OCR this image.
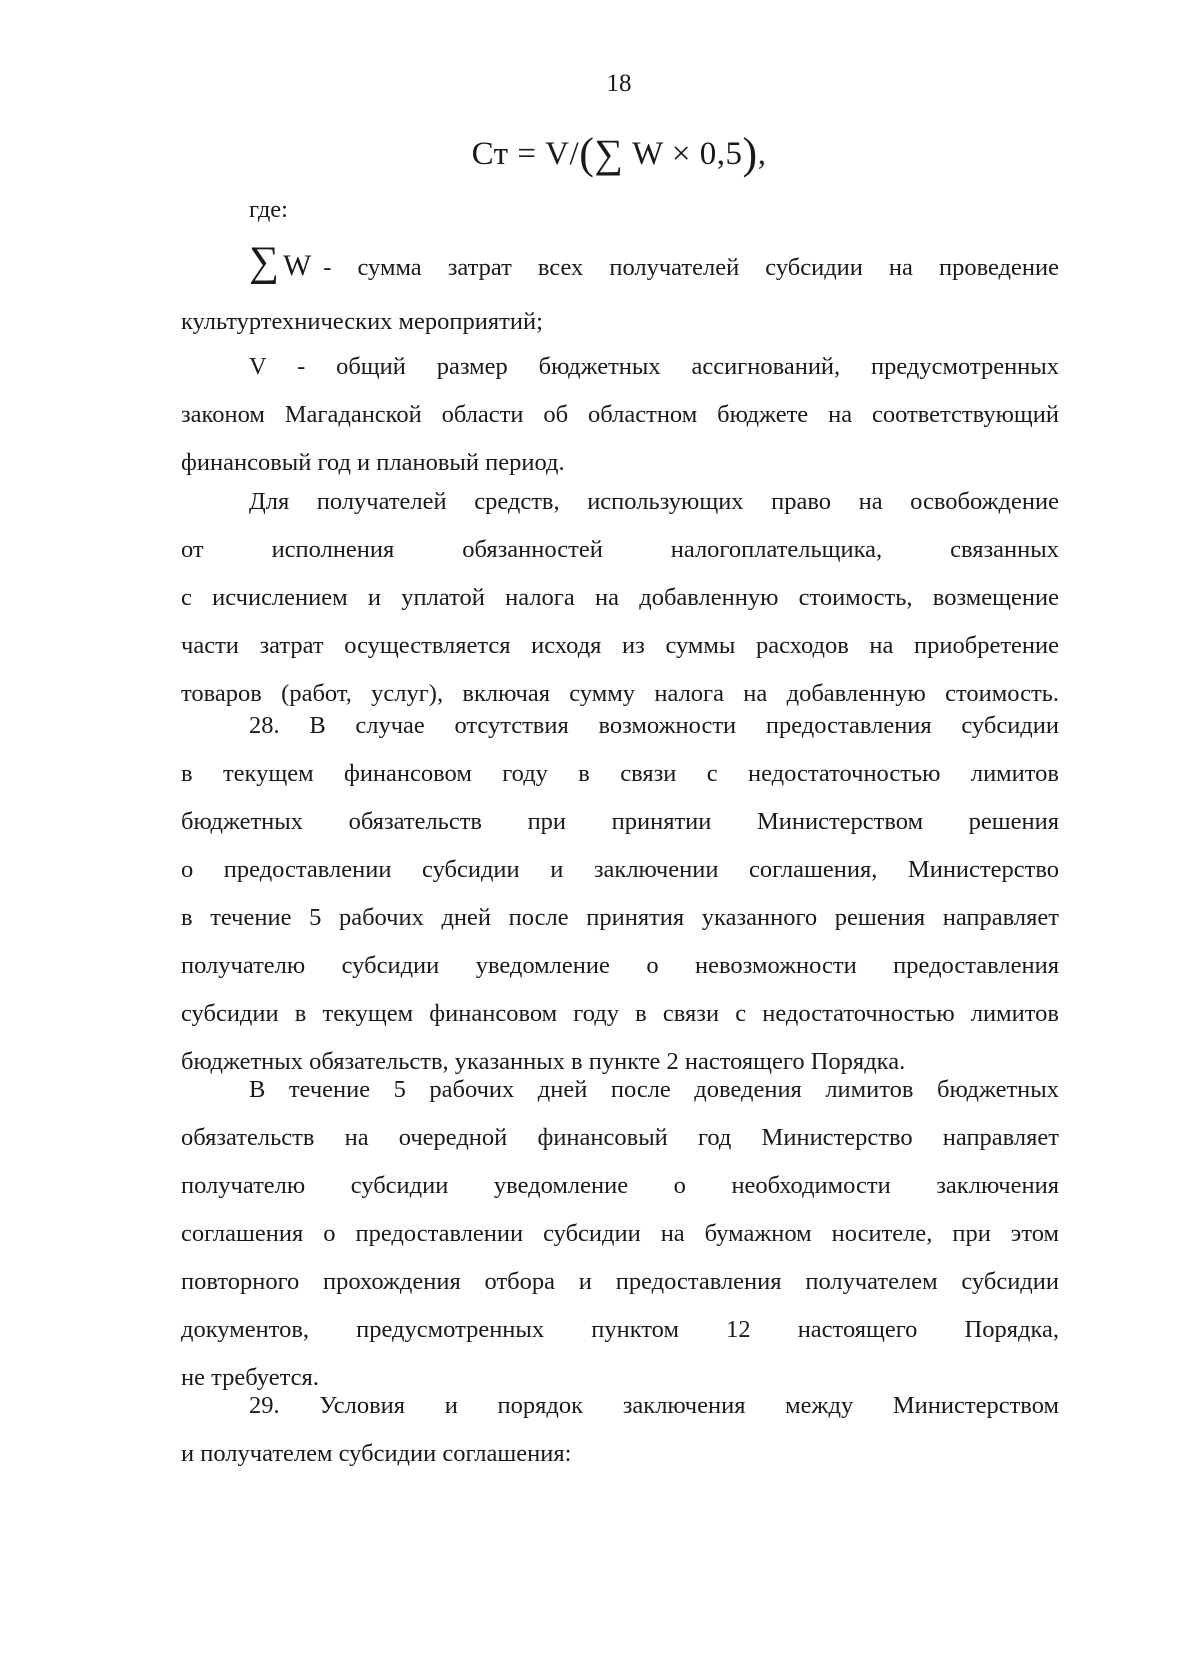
18
Ст = V/(∑ W × 0,5),
где:
∑ W - сумма затрат всех получателей субсидии на проведение
культуртехнических мероприятий;
V - общий размер бюджетных ассигнований, предусмотренных
законом Магаданской области об областном бюджете на соответствующий
финансовый год и плановый период.
Для получателей средств, использующих право на освобождение
от исполнения обязанностей налогоплательщика, связанных
с исчислением и уплатой налога на добавленную стоимость, возмещение
части затрат осуществляется исходя из суммы расходов на приобретение
товаров (работ, услуг), включая сумму налога на добавленную стоимость.
28. В случае отсутствия возможности предоставления субсидии
в текущем финансовом году в связи с недостаточностью лимитов
бюджетных обязательств при принятии Министерством решения
о предоставлении субсидии и заключении соглашения, Министерство
в течение 5 рабочих дней после принятия указанного решения направляет
получателю субсидии уведомление о невозможности предоставления
субсидии в текущем финансовом году в связи с недостаточностью лимитов
бюджетных обязательств, указанных в пункте 2 настоящего Порядка.
В течение 5 рабочих дней после доведения лимитов бюджетных
обязательств на очередной финансовый год Министерство направляет
получателю субсидии уведомление о необходимости заключения
соглашения о предоставлении субсидии на бумажном носителе, при этом
повторного прохождения отбора и предоставления получателем субсидии
документов, предусмотренных пунктом 12 настоящего Порядка,
не требуется.
29. Условия и порядок заключения между Министерством
и получателем субсидии соглашения:
